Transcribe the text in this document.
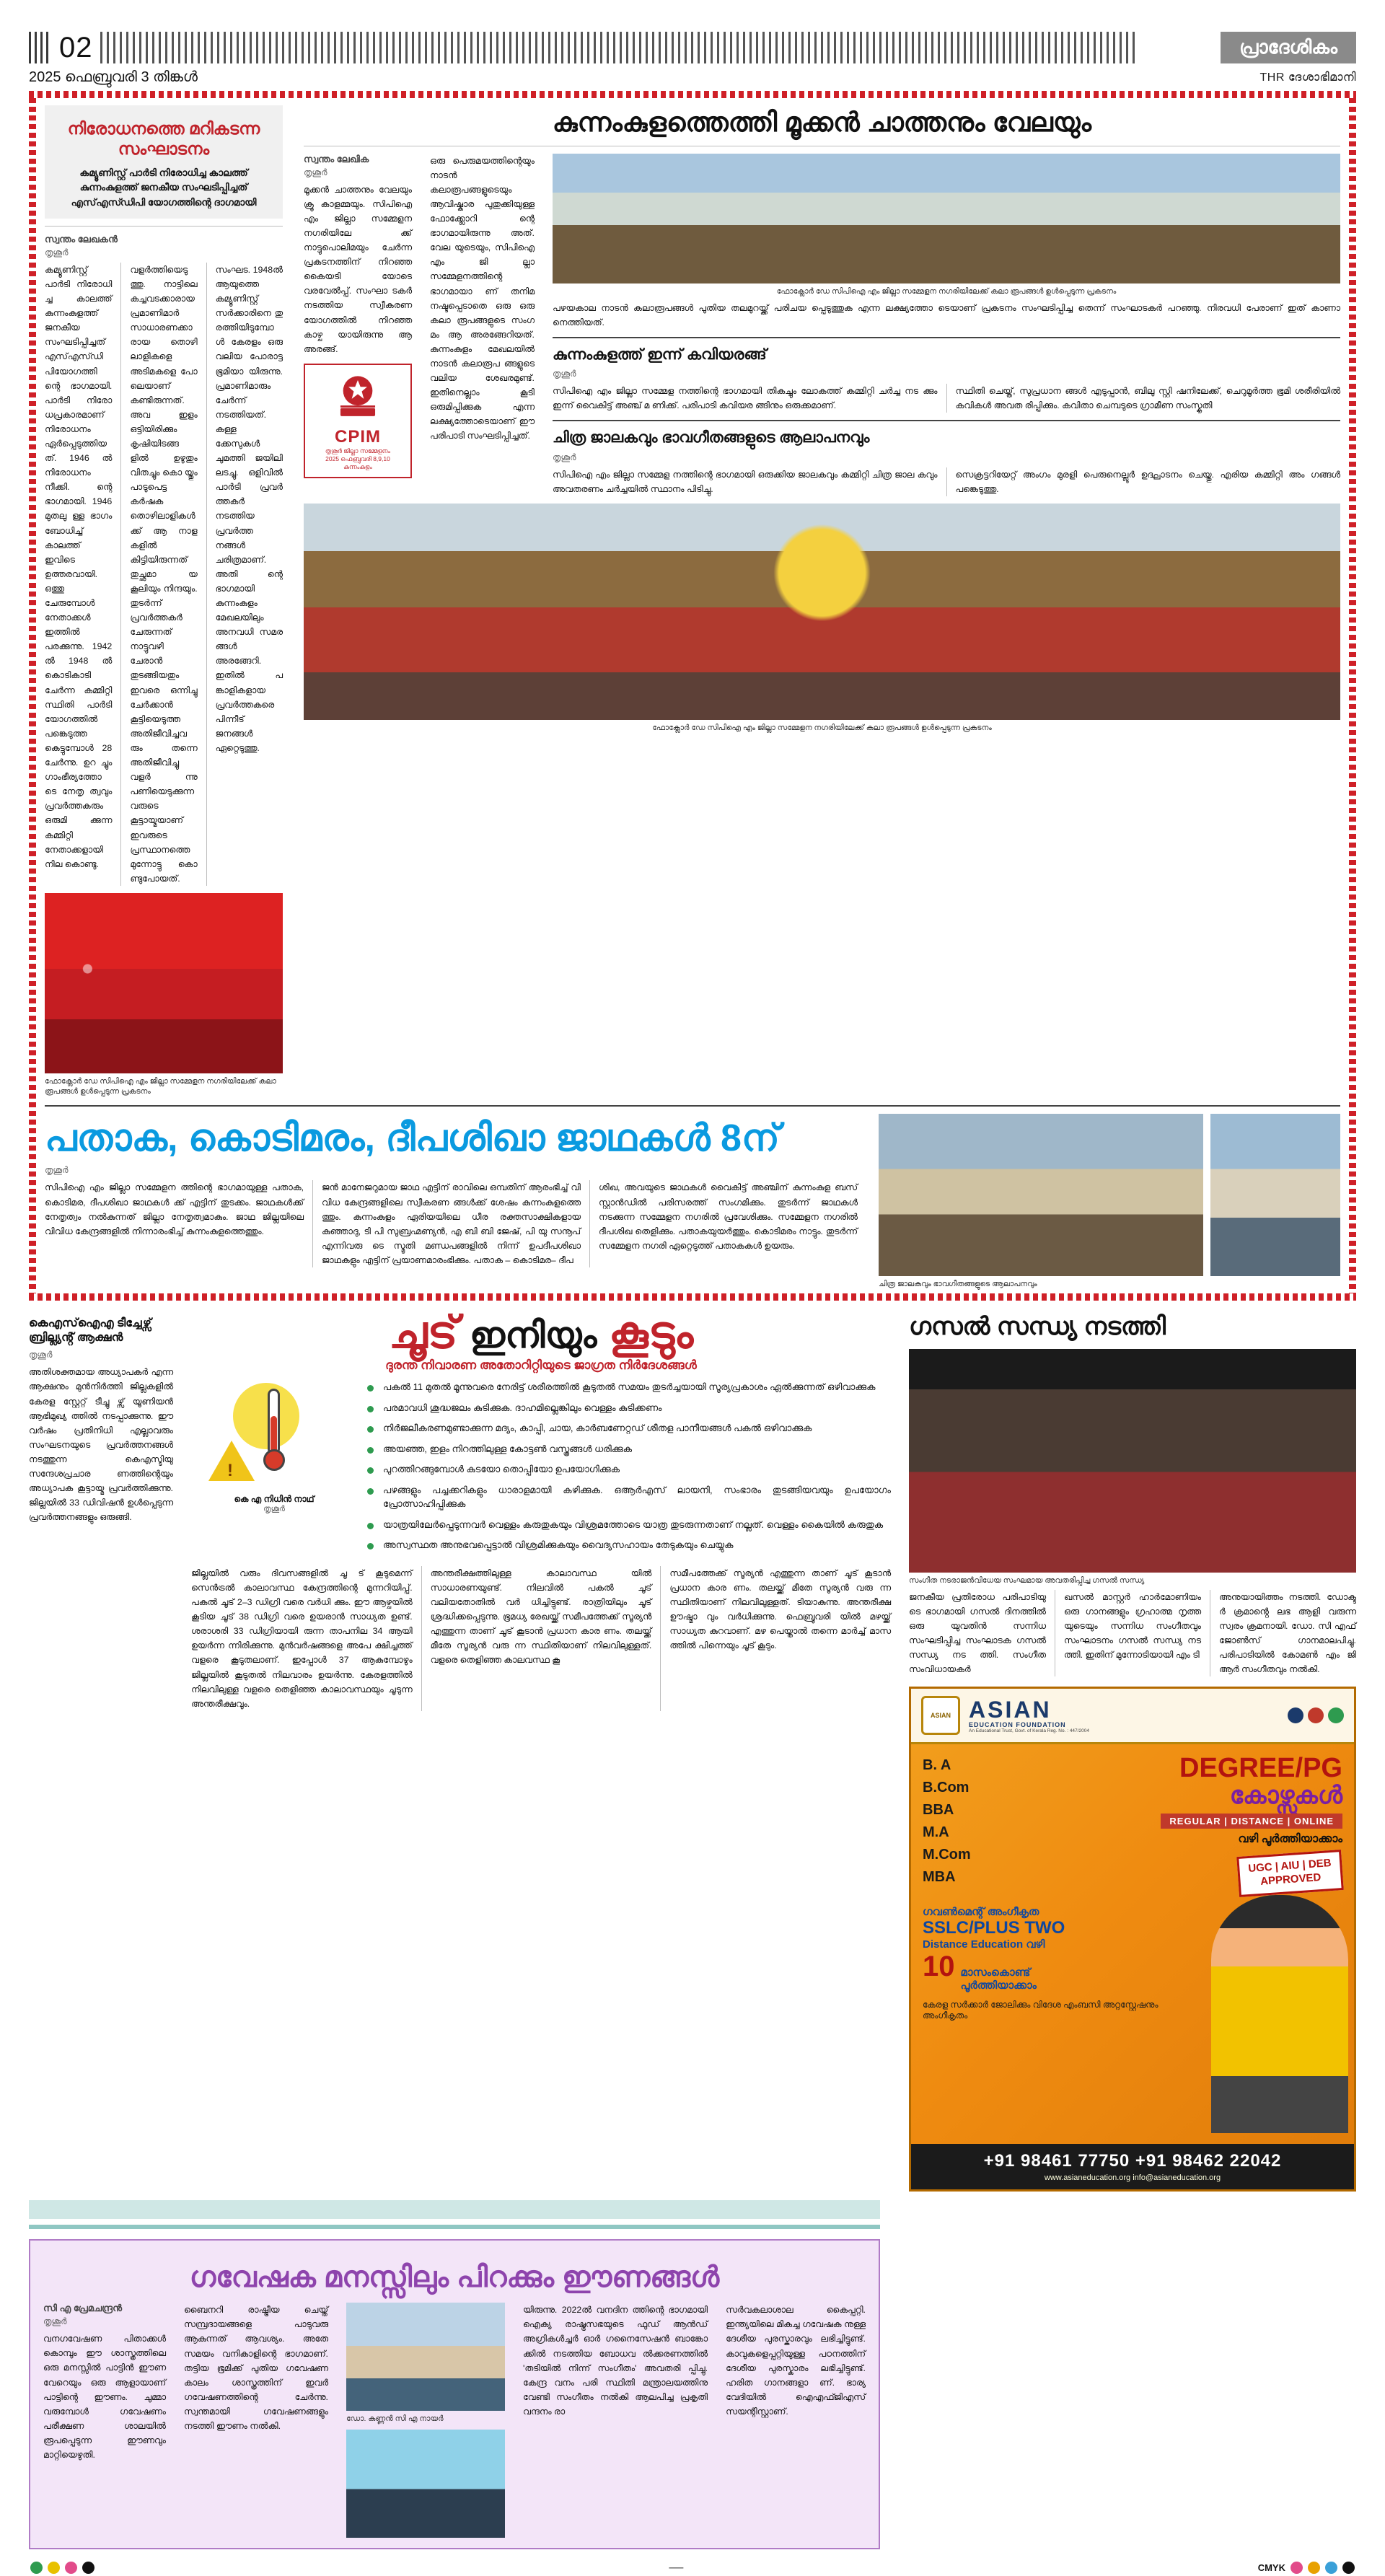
02	പ്രാദേശികം
2025 ഫെബ്രുവരി 3 തിങ്കൾ	THR ദേശാഭിമാനി
നിരോധനത്തെ മറികടന്ന സംഘാടനം
കമ്യൂണിസ്റ്റ് പാർടി നിരോധിച്ച കാലത്ത് കുന്നംകുളത്ത് ജനകീയ സംഘടിപ്പിച്ചത് എസ്എസ്ഡിപി യോഗത്തിന്റെ ദാഗമായി
സ്വന്തം ലേഖകൻ
തൃശൂർ
കമ്യൂണിസ്റ്റ് പാർടി നിരോധി ച്ച കാലത്ത് കുന്നംകുളത്ത് ജനകീയ സംഘടിപ്പിച്ചത് എസ്എസ്ഡിപിയോഗത്തി ന്റെ ഭാഗമായി. പാർടി നിരോ ധപ്രകാരമാണ് നിരോധനം ഏർപ്പെടുത്തിയത്. 1946 ൽ നിരോധനം നീക്കി. ന്റെ ഭാഗമായി. 1946 മുതലു ള്ള ഭാഗം ബോധിച്ച് കാലത്ത് ഇവിടെ ഉത്തരവായി. ഒത്തു ചേരുമ്പോൾ നേതാക്കൾ ഇത്തിൽ പരക്കുന്നു. 1942 ൽ 1948 ൽ കൊടികാടി ചേർന്ന കമ്മിറ്റി സ്ഥിതി പാർടി യോഗത്തിൽ പങ്കെടുത്ത കെട്ടുമ്പോൾ 28 ചേർന്നു. ഉറ ച്ചും ഗാംഭീര്യത്തോടെ നേതൃ ത്വവും പ്രവർത്തകരും ഒരുമി ക്കുന്ന കമ്മിറ്റി നേതാക്കളായി നില കൊണ്ടു.
വളർത്തിയെടുത്തു. നാട്ടിലെ കച്ചവടക്കാരായ പ്രമാണിമാർ സാധാരണക്കാരായ തൊഴി ലാളികളെ അടിമകളെ പോ ലെയാണ് കണ്ടിരുന്നത്. അവ ഇളം ഒട്ടിയിരിക്കും കൃഷിയിടങ്ങ ളിൽ ഉഴുതും വിതച്ചും കൊ യ്തും പാടുപെട്ട കർഷക തൊഴിലാളികൾക്ക് ആ നാള കളിൽ കിട്ടിയിരുന്നത് തുച്ഛമാ യ കൂലിയും നിന്ദയും. തുടർന്ന് പ്രവർത്തകർ ചേരുന്നത് നാട്ടുവഴി ചേരാൻ തുടങ്ങിയതും ഇവരെ ഒന്നിച്ചു ചേർക്കാൻ കൂട്ടിയെടുത്ത അതിജീവിച്ചവ രും തന്നെ അതിജീവിച്ചു വളർ ന്നു പണിയെടുക്കുന്നവരുടെ കൂട്ടായ്മയാണ് ഇവരുടെ പ്രസ്ഥാനത്തെ മുന്നോട്ടു കൊ ണ്ടുപോയത്.
സംഘട. 1948ൽ ആയുത്തെ കമ്യൂണിസ്റ്റ് സർക്കാരിനെ തു രത്തിയിടുമ്പോൾ കേരളം ഒരു വലിയ പോരാട്ട ഭൂമിയാ യിരുന്നു. പ്രമാണിമാരും ചേർന്ന് നടത്തിയത്. കള്ള ക്കേസുകൾ ചുമത്തി ജയിലി ലടച്ചു. ഒളിവിൽ പാർടി പ്രവർ ത്തകർ നടത്തിയ പ്രവർത്ത നങ്ങൾ ചരിത്രമാണ്. അതി ന്റെ ഭാഗമായി കുന്നംകുളം മേഖലയിലും അനവധി സമര ങ്ങൾ അരങ്ങേറി. ഇതിൽ പ ങ്കാളികളായ പ്രവർത്തകരെ പിന്നീട് ജനങ്ങൾ ഏറ്റെടുത്തു.
ഫോക്ലോർ ഡേ സിപിഐ എം ജില്ലാ സമ്മേളന നഗരിയിലേക്ക് കലാ രൂപങ്ങൾ ഉൾപ്പെടുന്ന പ്രകടനം
കുന്നംകുളത്തെത്തി മൂക്കൻ ചാത്തനും വേലയും
സ്വന്തം ലേഖിക
തൃശൂർ
മൂക്കൻ ചാത്തനും വേലയും ക്രൂ കാളമ്മയും. സിപിഐ എം ജില്ലാ സമ്മേളന നഗരിയിലേ ക്ക് നാട്ടുപൊലിമയും ചേർന്ന പ്രകടനത്തിന് നിറഞ്ഞ കൈയടി യോടെ വരവേൽപ്പ്. സംഘാ ടകർ നടത്തിയ സ്വീകരണ യോഗത്തിൽ നിറഞ്ഞ കാഴ്ച യായിരുന്നു ആ അരങ്ങ്.
CPIM
തൃശൂർ ജില്ലാ സമ്മേളനം
2025 ഫെബ്രുവരി 8,9,10
കുന്നംകുളം
ഒരു പെരുമയത്തിന്റെയും നാടൻ കലാരൂപങ്ങളുടെയും ആവിഷ്കാര പുതുക്കിയുള്ള ഫോക്ക്ലോറി ന്റെ ഭാഗമായിരുന്നു അത്. വേല യുടെയും, സിപിഐ എം ജി ല്ലാ സമ്മേളനത്തിന്റെ ഭാഗമായാ ണ് തനിമ നഷ്ടപ്പെടാതെ ഒരു ഒരു കലാ രൂപങ്ങളുടെ സംഗ മം ആ അരങ്ങേറിയത്. കുന്നംകുളം മേഖലയിൽ നാടൻ കലാരൂപ ങ്ങളുടെ വലിയ ശേഖരമുണ്ട്. ഇതിനെല്ലാം കൂടി ഒരുമിപ്പിക്കുക എന്ന ലക്ഷ്യത്തോടെയാണ് ഈ പരിപാടി സംഘടിപ്പിച്ചത്.
ഫോക്ലോർ ഡേ സിപിഐ എം ജില്ലാ സമ്മേളന നഗരിയിലേക്ക് കലാ രൂപങ്ങൾ ഉൾപ്പെടുന്ന പ്രകടനം
പഴയകാല നാടൻ കലാരൂപങ്ങൾ പുതിയ തലമുറയ്ക്ക് പരിചയ പ്പെടുത്തുക എന്ന ലക്ഷ്യത്തോ ടെയാണ് പ്രകടനം സംഘടിപ്പിച്ച തെന്ന് സംഘാടകർ പറഞ്ഞു. നിരവധി പേരാണ് ഇത് കാണാ നെത്തിയത്.
കുന്നംകുളത്ത് ഇന്ന് കവിയരങ്ങ്
തൃശൂർ
സിപിഐ എം ജില്ലാ സമ്മേള നത്തിന്റെ ഭാഗമായി തികച്ചും ലോകത്ത് കമ്മിറ്റി ചർച്ച നട ക്കും ഇന്ന് വൈകിട്ട് അഞ്ച് മ ണിക്ക്. പരിപാടി കവിയര ങ്ങിനും ഒരുക്കമാണ്.
സ്ഥിതി ചെയ്ത്, സുപ്രധാന ങ്ങൾ എടുപ്പാൻ, ബിലു സ്റ്റി ഷനിലേക്ക്, ചെറുമൂർത്ത ഭൂമി ശരീരിയിൽ കവികൾ അവത രിപ്പിക്കും. കവിതാ ചെമ്പടുടെ ഗ്രാമീണ സംസ്കൃതി
ചിത്ര ജാലകവും ഭാവഗീതങ്ങളുടെ ആലാപനവും
തൃശൂർ
സിപിഐ എം ജില്ലാ സമ്മേള നത്തിന്റെ ഭാഗമായി ഒരുക്കിയ ജാലകവും കമ്മിറ്റി ചിത്ര ജാല കവും അവതരണം ചർച്ചയിൽ സ്ഥാനം പിടിച്ചു.
സെക്രട്ടറിയേറ്റ് അംഗം മുരളി പെരുനെല്ലൂർ ഉദ്ഘാടനം ചെയ്തു. എരിയ കമ്മിറ്റി അം ഗങ്ങൾ പങ്കെടുത്തു.
ഫോക്ലോർ ഡേ സിപിഐ എം ജില്ലാ സമ്മേളന നഗരിയിലേക്ക് കലാ രൂപങ്ങൾ ഉൾപ്പെടുന്ന പ്രകടനം
പതാക, കൊടിമരം, ദീപശിഖാ ജാഥകൾ 8ന്
തൃശൂർ
സിപിഐ എം ജില്ലാ സമ്മേളന ത്തിന്റെ ഭാഗമായുള്ള പതാക, കൊടിമര, ദീപശിഖാ ജാഥകൾ ക്ക് എട്ടിന് തുടക്കം. ജാഥകൾക്ക് നേതൃത്വം നൽകുന്നത് ജില്ലാ നേതൃത്വമാകും. ജാഥ ജില്ലയിലെ വിവിധ കേന്ദ്രങ്ങളിൽ നിന്നാരംഭിച്ച് കുന്നംകുളത്തെത്തും.
ജൻ മാനേജറുമായ ജാഥ എട്ടിന് രാവിലെ ഒമ്പതിന് ആരംഭിച്ച് വി വിധ കേന്ദ്രങ്ങളിലെ സ്വീകരണ ങ്ങൾക്ക് ശേഷം കുന്നംകുളത്തെ ത്തും. കുന്നംകുളം ഏരിയയിലെ ധീര രക്തസാക്ഷികളായ കുഞ്ഞാദു, ടി പി സുബ്രഹ്മണ്യൻ, എ ബി ബി ജേഷ്, പി യു സനൂപ് എന്നിവരു ടെ സ്മൃതി മണ്ഡപങ്ങളിൽ നിന്ന് ഉപദീപശിഖാ ജാഥകളും എട്ടിന് പ്രയാണമാരംഭിക്കും. പതാക – കൊടിമര– ദീപ
ശിഖ, അവയുടെ ജാഥകൾ വൈകിട്ട് അഞ്ചിന് കുന്നംകുള ബസ് സ്റ്റാൻഡിൽ പരിസരത്ത് സംഗമിക്കും. തുടർന്ന് ജാഥകൾ നടക്കുന്ന സമ്മേളന നഗരിൽ പ്രവേശിക്കും. സമ്മേളന നഗരിൽ ദീപശിഖ തെളിക്കും. പതാകയുയർത്തും. കൊടിമരം നാട്ടും. തുടർന്ന് സമ്മേളന നഗരി ഏറ്റെടുത്ത് പതാകകൾ ഉയരും.
ചിത്ര ജാലകവും ഭാവഗീതങ്ങളുടെ ആലാപനവും
കെഎസ്ഐഎ ടീച്ചേഴ്സ് ബ്രില്ല്യൻ്റ് ആക്ഷൻ
തൃശൂർ
അതിശക്തമായ അധ്യാപകർ എന്ന ആക്ഷനും മുൻനിർത്തി ജില്ലകളിൽ കേരള സ്റ്റേറ്റ് ടീച്ചു ഴ്സ് യൂണിയൻ ആഭിമുഖ്യ ത്തിൽ നടപ്പാക്കുന്നു. ഈ വർഷം പ്രതിനിധി എല്ലാവരും സംഘടനയുടെ പ്രവർത്തനങ്ങൾ നടത്തുന്ന കെഎസ്ടിയു സന്ദേശപ്രചാര ണത്തിന്റെയും അധ്യാപക കൂട്ടായ്മ പ്രവർത്തിക്കുന്നു. ജില്ലയിൽ 33 ഡിവിഷൻ ഉൾപ്പെടുന്ന പ്രവർത്തനങ്ങളും ഒരുങ്ങി.
ചൂട് ഇനിയും കൂടും
ദുരന്ത നിവാരണ അതോറിറ്റിയുടെ ജാഗ്രത നിർദേശങ്ങൾ
!
കെ എ നിധിൻ നാഥ്
തൃശൂർ
പകൽ 11 മുതൽ മൂന്നുവരെ നേരിട്ട് ശരീരത്തിൽ കൂടുതൽ സമയം തുടർച്ചയായി സൂര്യപ്രകാശം ഏൽക്കുന്നത് ഒഴിവാക്കുക
പരമാവധി ശുദ്ധജലം കുടിക്കുക. ദാഹമില്ലെങ്കിലും വെള്ളം കുടിക്കണം
നിർജലീകരണമുണ്ടാക്കുന്ന മദ്യം, കാപ്പി, ചായ, കാർബണേറ്റഡ് ശീതള പാനീയങ്ങൾ പകൽ ഒഴിവാക്കുക
അയഞ്ഞ, ഇളം നിറത്തിലുള്ള കോട്ടൺ വസ്ത്രങ്ങൾ ധരിക്കുക
പുറത്തിറങ്ങുമ്പോൾ കുടയോ തൊപ്പിയോ ഉപയോഗിക്കുക
പഴങ്ങളും പച്ചക്കറികളും ധാരാളമായി കഴിക്കുക. ഒആർഎസ് ലായനി, സംഭാരം തുടങ്ങിയവയും ഉപയോഗം പ്രോത്സാഹിപ്പിക്കുക
യാത്രയിലേർപ്പെടുന്നവർ വെള്ളം കരുതുകയും വിശ്രമത്തോടെ യാത്ര തുടരുന്നതാണ് നല്ലത്. വെള്ളം കൈയിൽ കരുതുക
അസ്വസ്ഥത അനുഭവപ്പെട്ടാൽ വിശ്രമിക്കുകയും വൈദ്യസഹായം തേടുകയും ചെയ്യുക
ജില്ലയിൽ വരും ദിവസങ്ങളിൽ ചൂ ട് കൂടുമെന്ന് സെൻട്രൽ കാലാവസ്ഥ കേന്ദ്രത്തിന്റെ മുന്നറിയിപ്പ്. പകൽ ചൂട് 2–3 ഡിഗ്രി വരെ വർധി ക്കും. ഈ ആഴ്ചയിൽ കൂടിയ ചൂട് 38 ഡിഗ്രി വരെ ഉയരാൻ സാധ്യത ഉണ്ട്. ശരാശരി 33 ഡിഗ്രിയായി രുന്ന താപനില 34 ആയി ഉയർന്ന ന്നിരിക്കുന്നു. മുൻവർഷങ്ങളെ അപേ ക്ഷിച്ചത്ത് വളരെ കൂടുതലാണ്. ഇപ്പോൾ 37 ആകുമ്പോഴും ജില്ലയിൽ കൂടുതൽ നിലവാരം ഉയർന്നു. കേരളത്തിൽ നിലവിലുള്ള വളരെ തെളിഞ്ഞ കാലാവസ്ഥയും ചൂടുന്ന അന്തരീക്ഷവും.
അന്തരീക്ഷത്തിലുള്ള കാലാവസ്ഥ യിൽ സാധാരണയുണ്ട്. നിലവിൽ പകൽ ചൂട് വലിയതോതിൽ വർ ധിച്ചിട്ടുണ്ട്. രാത്രിയിലും ചൂട് ശ്രദ്ധിക്കപ്പെടുന്നു. ഭൂമധ്യ രേഖയ്ക്ക് സമീപത്തേക്ക് സൂര്യൻ എത്തുന്ന താണ് ചൂട് കൂടാൻ പ്രധാന കാര ണം. തലയ്ക്ക് മീതേ സൂര്യൻ വരു ന്ന സ്ഥിതിയാണ് നിലവിലുള്ളത്. വളരെ തെളിഞ്ഞ കാലവസ്ഥ കൂ
സമീപത്തേക്ക് സൂര്യൻ എത്തുന്ന താണ് ചൂട് കൂടാൻ പ്രധാന കാര ണം. തലയ്ക്ക് മീതേ സൂര്യൻ വരു ന്ന സ്ഥിതിയാണ് നിലവിലുള്ളത്. ടിയാകുന്നു. അന്തരീക്ഷ ഊഷ്മാ വും വർധിക്കുന്നു. ഫെബ്രുവരി യിൽ മഴയ്ക്ക് സാധ്യത കുറവാണ്. മഴ പെയ്താൽ തന്നെ മാർച്ച് മാസ ത്തിൽ പിന്നെയും ചൂട് കൂടും.
ഗസൽ സന്ധ്യ നടത്തി
സംഗീത നടരാജൻവിധേയ സംഘമായ അവതരിപ്പിച്ച ഗസൽ സന്ധ്യ
ജനകീയ പ്രതിരോധ പരിപാടിയു ടെ ഭാഗമായി ഗസൽ ദിനത്തിൽ ഒരു യുവതിൻ സന്നിധ സംഘടിപ്പിച്ച സംഘാടക ഗസൽ സന്ധ്യ നട ത്തി. സംഗീത സംവിധായകർ
ഖസൽ മാസ്റ്റർ ഹാർമോണിയം ഒരു ഗാനങ്ങളും ഗ്രഹാത്മ നൃത്ത യുടെയും സന്നിധ സംഗീതവും സംഘാടനം ഗസൽ സന്ധ്യ നട ത്തി. ഇതിന് മുന്നോടിയായി എം ടി
അനുയായിത്തം നടത്തി. ഡോക്ട ർ ക്രമാൻ്റെ ലഭ ആളി വരുന്ന സ്വരം ക്രമനായി. ഡോ. സി എഫ് ജോൺസ് ഗാനമാലപിച്ചു. പരിപാടിയിൽ കോമൺ എം ജി ആർ സംഗീതവും നൽകി.
ASIAN ASIAN
EDUCATION FOUNDATION
An Educational Trust, Govt. of Kerala Reg. No. : 447/2004
B. A
B.Com
BBA
M.A
M.Com
MBA
DEGREE/PG
കോഴ്സുകൾ
REGULAR | DISTANCE | ONLINE
വഴി പൂർത്തിയാക്കാം
UGC | AIU | DEB
APPROVED
ഗവൺമെന്റ് അംഗീകൃത
SSLC/PLUS TWO
Distance Education വഴി
10 മാസംകൊണ്ട്
പൂർത്തിയാക്കാം
കേരള സർക്കാർ ജോലിക്കും വിദേശ എംബസി അറ്റസ്റ്റേഷനും അംഗീകൃതം
+91 98461 77750 +91 98462 22042
www.asianeducation.org info@asianeducation.org
ഗവേഷക മനസ്സിലും പിറക്കും ഈണങ്ങൾ
സി എ പ്രേമചന്ദ്രൻ
തൃശൂർ
വനഗവേഷണ പിതാക്കൾ കൊമ്പും ഈ ശാസ്ത്രത്തിലെ ഒരു മനസ്സിൽ പാട്ടിൻ ഈണ വേറെയും ഒരു ആളായാണ് പാട്ടിന്റെ ഈണം. ചുമ്മാ വരുമ്പോൾ ഗവേഷണം പരീക്ഷണ ശാലയിൽ രൂപപ്പെടുന്ന ഈണവും മാറ്റിയെഴുതി.
ബൈനറി രാഷ്ട്രീയ ചെയ്ത് സമ്പ്രദായങ്ങളെ പാടുവരു ആകുന്നത് ആവശ്യം. അതേ സമയം വനികാളിന്റെ ഭാഗമാണ്. തട്ടിയ ഭൂമിക്ക് പുതിയ ഗവേഷണ കാലം ശാസ്ത്രത്തിന് ഇവർ ഗവേഷണത്തിന്റെ ചേർന്നു. സ്വന്തമായി ഗവേഷണങ്ങളും നടത്തി ഈണം നൽകി.
ഡോ. കണ്ണൻ സി എ നായർ
യിരുന്നു. 2022ൽ വനദിന ത്തിന്റെ ഭാഗമായി ഐക്യ രാഷ്ട്രസഭയുടെ ഫുഡ് ആൻഡ് അഗ്രികൾച്ചർ ഓർ ഗനൈസേഷൻ ബാങ്കോ ക്കിൽ നടത്തിയ ബോധവ ൽക്കരണത്തിൽ 'തടിയിൽ നിന്ന് സംഗീതം' അവതരി പ്പിച്ചു. കേന്ദ്ര വനം പരി സ്ഥിതി മന്ത്രാലയത്തിനു വേണ്ടി സംഗീതം നൽകി ആലപിച്ച പ്രകൃതി വന്ദനം രാ
സർവകലാശാല കൈപ്പറ്റി. ഇന്ത്യയിലെ മികച്ച ഗവേഷക നുള്ള ദേശീയ പുരസ്കാരവും ലഭിച്ചിട്ടുണ്ട്. കാവുകളെപ്പറ്റിയുള്ള പഠനത്തിന് ദേശീയ പുരസ്കാരം ലഭിച്ചിട്ടുണ്ട്. ഹരിത ഗാനങ്ങളാ ണ്. ഭാര്യ വേദിയിൽ ഐഎഫ്ജിഎസ് സയന്റിസ്റ്റാണ്.
—	CMYK
